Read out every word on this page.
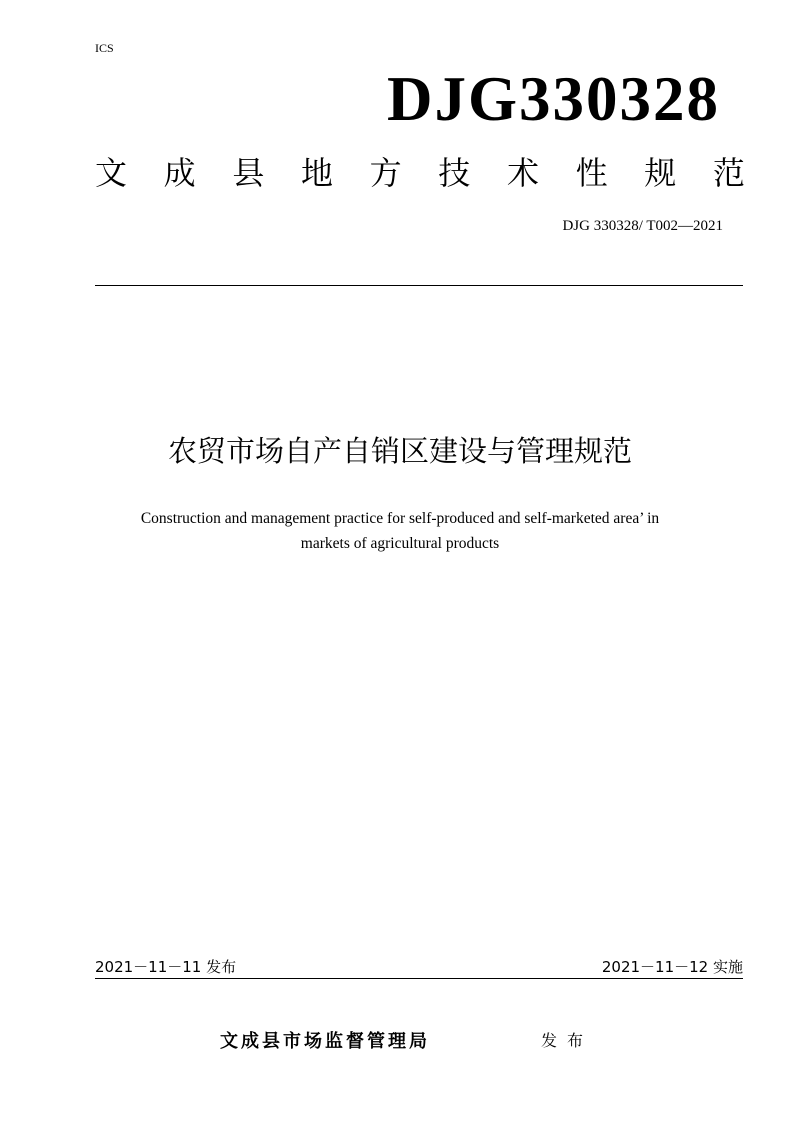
ICS
DJG330328
文 成 县 地 方 技 术 性 规 范
DJG 330328/ T002—2021
农贸市场自产自销区建设与管理规范
Construction and management practice for self-produced and self-marketed area’ in
markets of agricultural products
2021－11－11 发布	2021－11－12 实施
文成县市场监督管理局	发布
